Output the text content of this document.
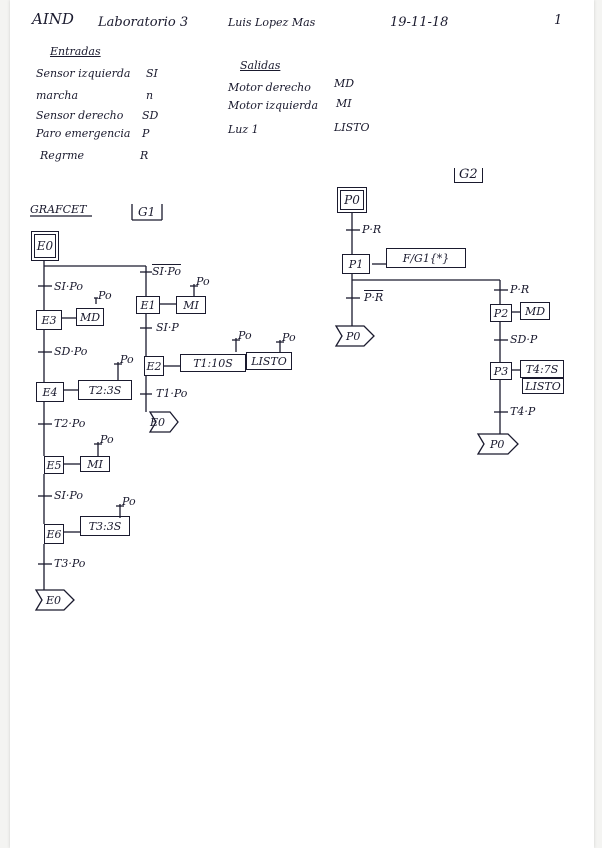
AIND Laboratorio 3	Luis Lopez Mas	19-11-18	1
Entradas
Sensor izquierda SI
marcha	n
Sensor derecho SD
Paro emergencia P
Regrme	R
Salidas
Motor derecho MD
Motor izquierda MI
Luz 1	LISTO
GRAFCET	G1
G2
E0
SI·Po
SI·Po
Po
Po
E3	MD
E1	MI
SD·Po
SI·P
Po	Po
Po
E4	T2:3S
E2	T1:10S	LISTO
T1·Po
E0
T2·Po
Po
E5	MI
SI·Po	Po
E6
T3:3S
T3·Po
E0
P0
P·R
P1	F/G1{*}
P·R
P0
P·R
P2	MD
SD·P
P3	T4:7S
LISTO
T4·P
P0
